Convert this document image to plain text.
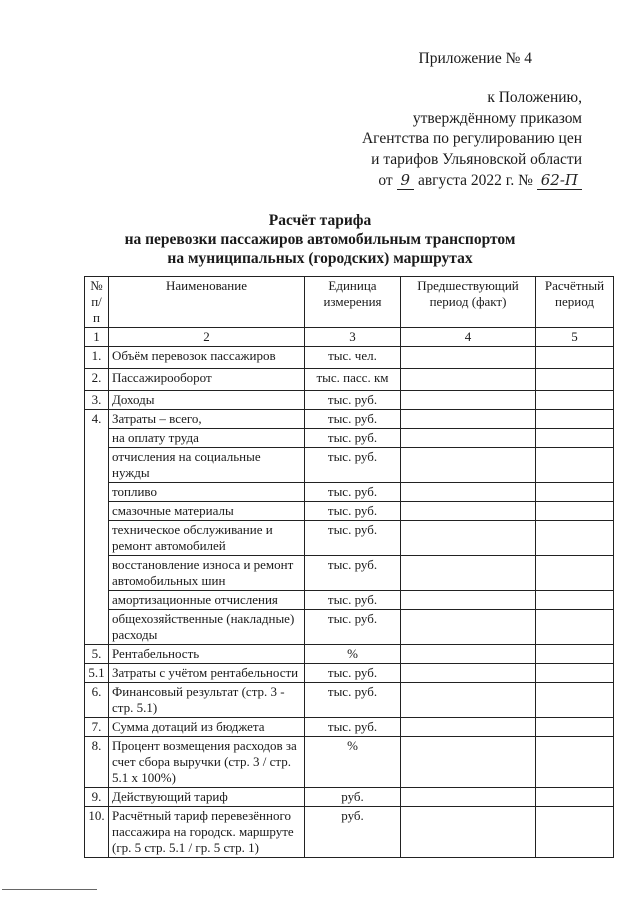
Приложение № 4
к Положению,
утверждённому приказом
Агентства по регулированию цен
и тарифов Ульяновской области
от 9 августа 2022 г. № 62-П
Расчёт тарифа
на перевозки пассажиров автомобильным транспортом
на муниципальных (городских) маршрутах
№ п/п	Наименование	Единица измерения	Предшествующий период (факт)	Расчётный период
1	2	3	4	5
1.	Объём перевозок пассажиров	тыс. чел.		
2.	Пассажирооборот	тыс. пасс. км		
3.	Доходы	тыс. руб.		
4.	Затраты – всего,	тыс. руб.		
	на оплату труда	тыс. руб.		
	отчисления на социальные нужды	тыс. руб.		
	топливо	тыс. руб.		
	смазочные материалы	тыс. руб.		
	техническое обслуживание и ремонт автомобилей	тыс. руб.		
	восстановление износа и ремонт автомобильных шин	тыс. руб.		
	амортизационные отчисления	тыс. руб.		
	общехозяйственные (накладные) расходы	тыс. руб.		
5.	Рентабельность	%		
5.1	Затраты с учётом рентабельности	тыс. руб.		
6.	Финансовый результат (стр. 3 - стр. 5.1)	тыс. руб.		
7.	Сумма дотаций из бюджета	тыс. руб.		
8.	Процент возмещения расходов за счет сбора выручки (стр. 3 / стр. 5.1 x 100%)	%		
9.	Действующий тариф	руб.		
10.	Расчётный тариф перевезённого пассажира на городск. маршруте (гр. 5 стр. 5.1 / гр. 5 стр. 1)	руб.		
